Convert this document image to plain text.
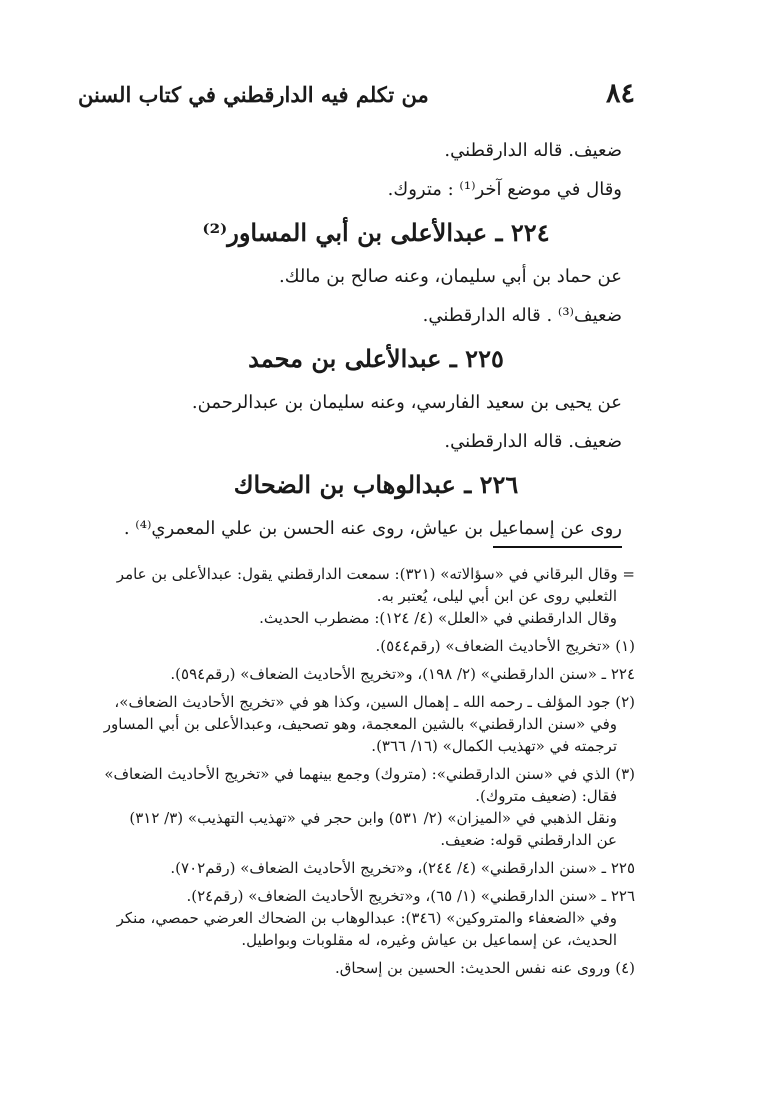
٨٤
من تكلم فيه الدارقطني في كتاب السنن

ضعيف. قاله الدارقطني.

وقال في موضع آخر⁽¹⁾ : متروك.

٢٢٤ ـ عبدالأعلى بن أبي المساور⁽²⁾

عن حماد بن أبي سليمان، وعنه صالح بن مالك.

ضعيف⁽³⁾ . قاله الدارقطني.

٢٢٥ ـ عبدالأعلى بن محمد

عن يحيى بن سعيد الفارسي، وعنه سليمان بن عبدالرحمن.

ضعيف. قاله الدارقطني.

٢٢٦ ـ عبدالوهاب بن الضحاك

روى عن إسماعيل بن عياش، روى عنه الحسن بن علي المعمري⁽⁴⁾ .

= وقال البرقاني في «سؤالاته» (٣٢١): سمعت الدارقطني يقول: عبدالأعلى بن عامر
الثعلبي روى عن ابن أبي ليلى، يُعتبر به.
وقال الدارقطني في «العلل» (٤/ ١٢٤): مضطرب الحديث.

(١) «تخريج الأحاديث الضعاف» (رقم٥٤٤).

٢٢٤ ـ «سنن الدارقطني» (٢/ ١٩٨)، و«تخريج الأحاديث الضعاف» (رقم٥٩٤).

(٢) جود المؤلف ـ رحمه الله ـ إهمال السين، وكذا هو في «تخريج الأحاديث الضعاف»،
وفي «سنن الدارقطني» بالشين المعجمة، وهو تصحيف، وعبدالأعلى بن أبي المساور
ترجمته في «تهذيب الكمال» (١٦/ ٣٦٦).

(٣) الذي في «سنن الدارقطني»: (متروك) وجمع بينهما في «تخريج الأحاديث الضعاف»
فقال: (ضعيف متروك).
ونقل الذهبي في «الميزان» (٢/ ٥٣١) وابن حجر في «تهذيب التهذيب» (٣/ ٣١٢)
عن الدارقطني قوله: ضعيف.

٢٢٥ ـ «سنن الدارقطني» (٤/ ٢٤٤)، و«تخريج الأحاديث الضعاف» (رقم٧٠٢).

٢٢٦ ـ «سنن الدارقطني» (١/ ٦٥)، و«تخريج الأحاديث الضعاف» (رقم٢٤).
وفي «الضعفاء والمتروكين» (٣٤٦): عبدالوهاب بن الضحاك العرضي حمصي، منكر
الحديث، عن إسماعيل بن عياش وغيره، له مقلوبات وبواطيل.

(٤) وروى عنه نفس الحديث: الحسين بن إسحاق.
